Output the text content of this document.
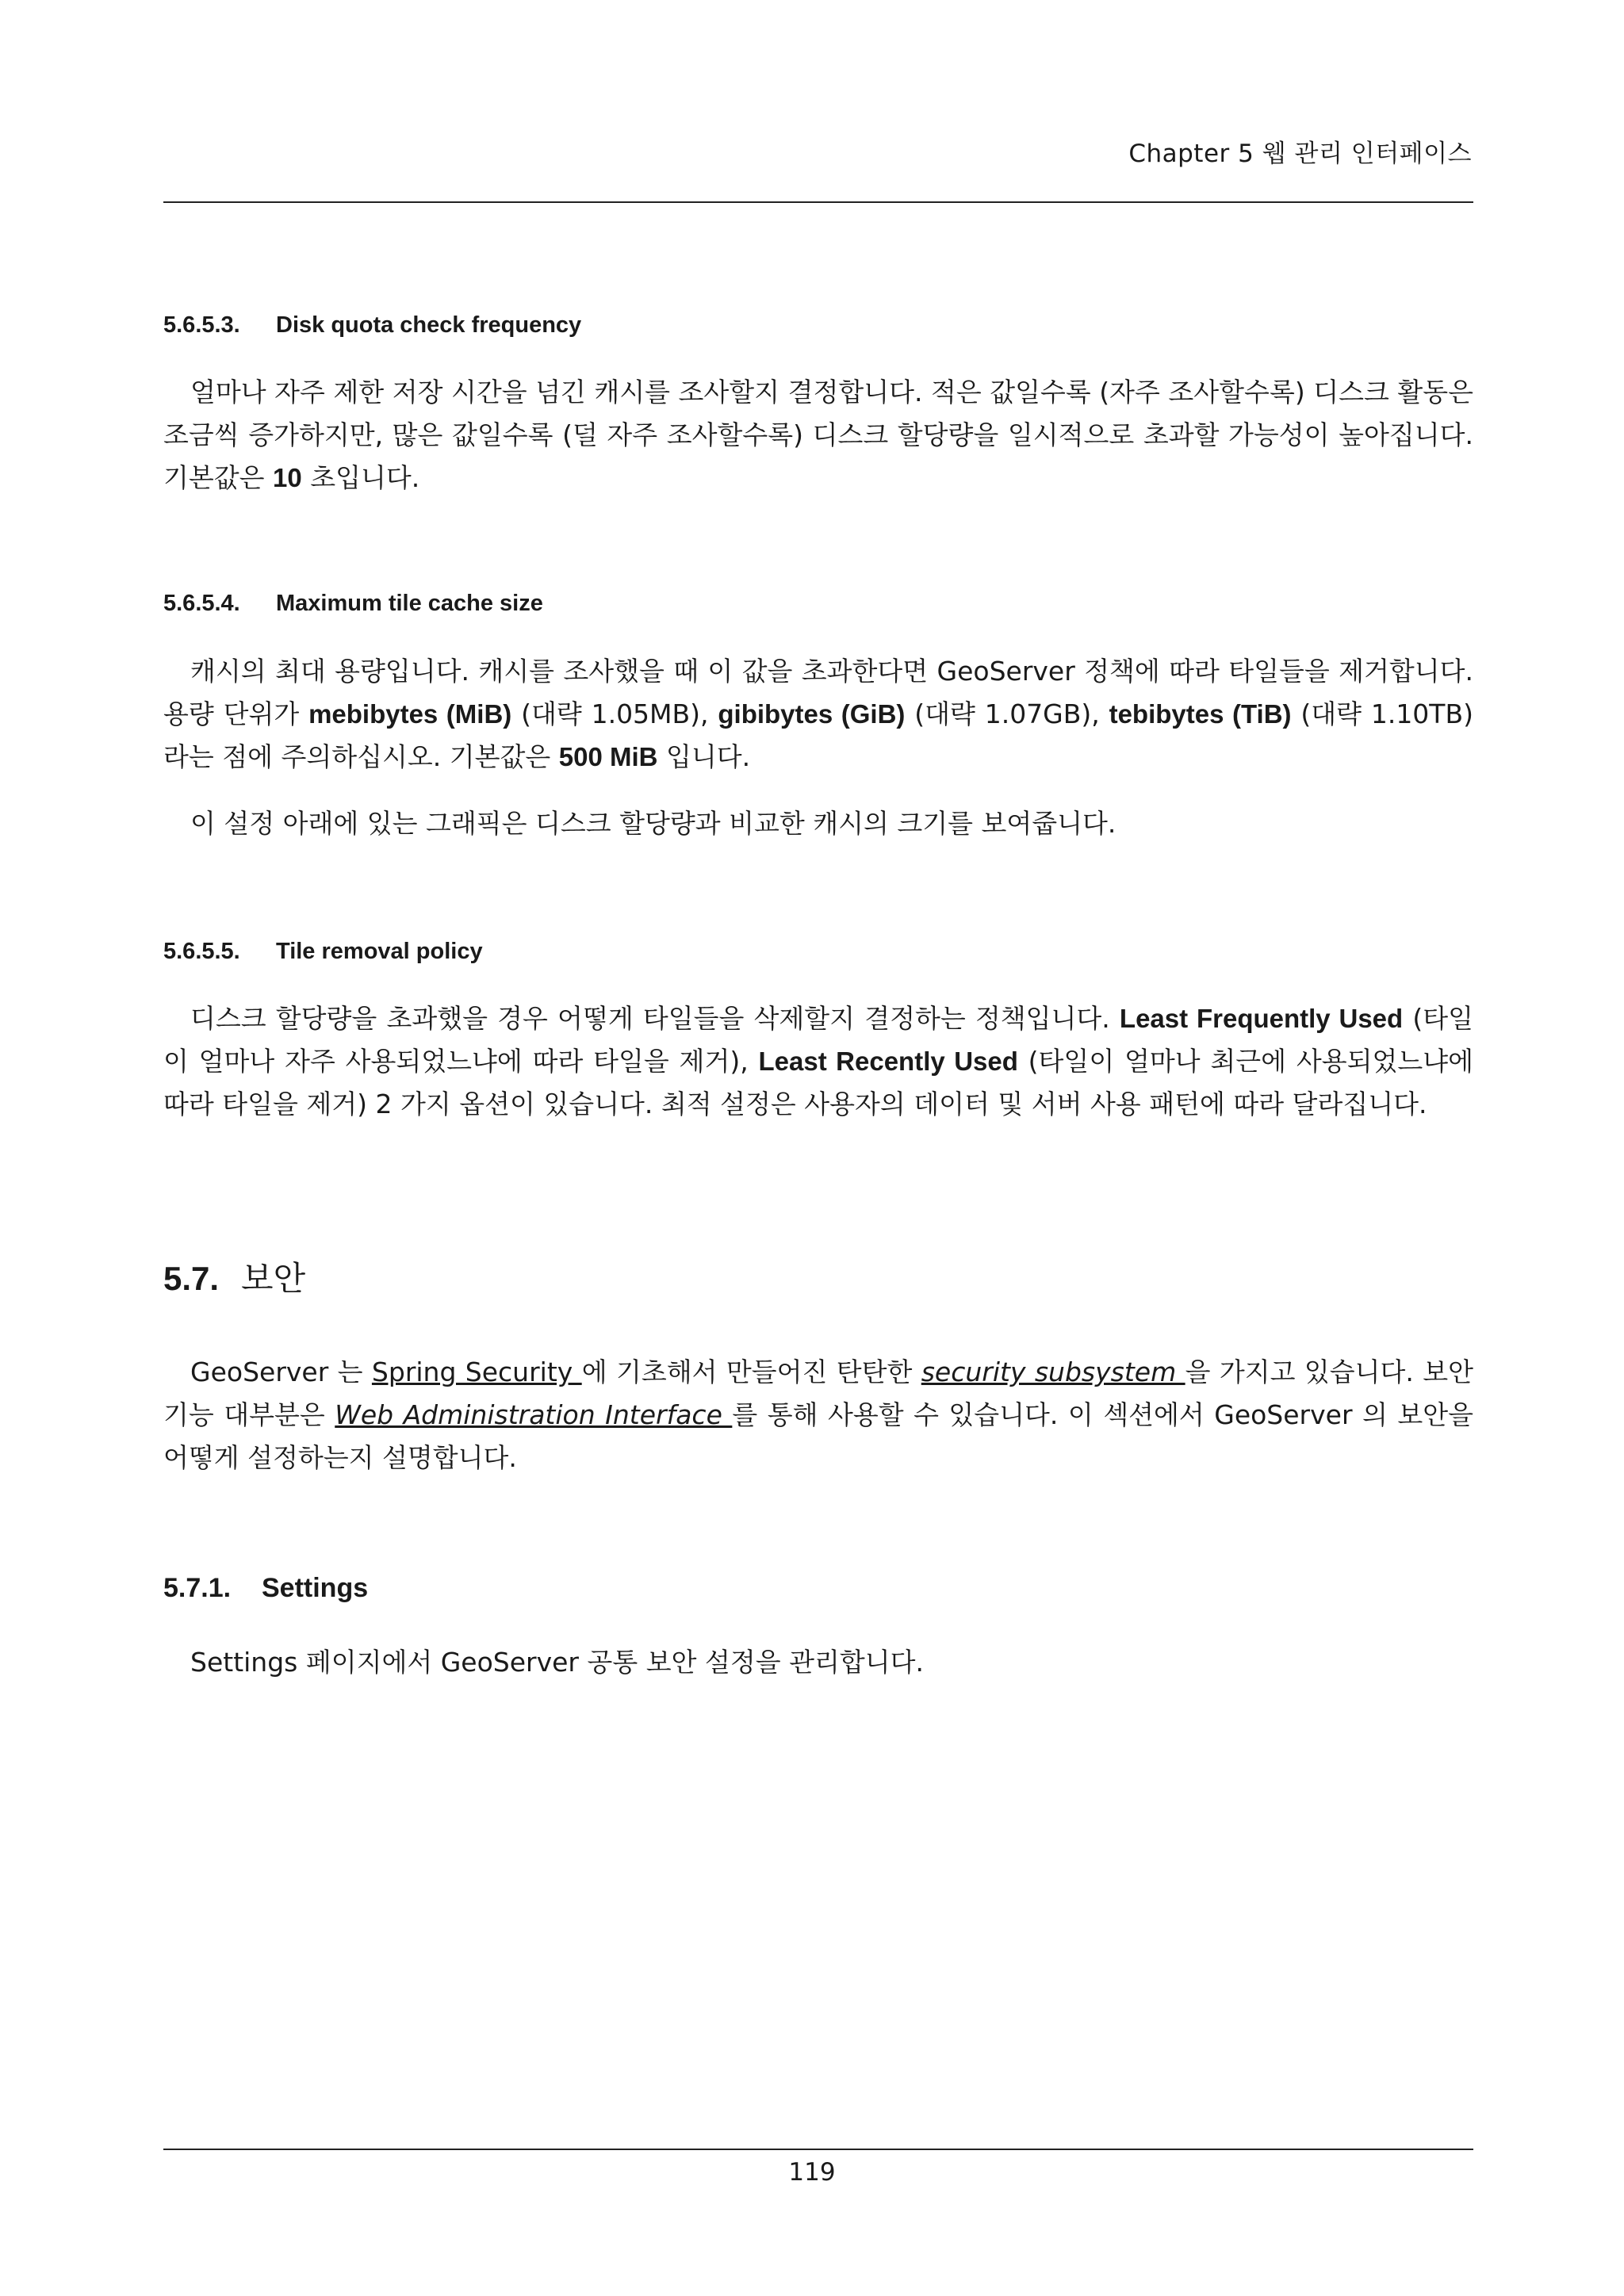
Chapter 5 웹 관리 인터페이스
5.6.5.3. Disk quota check frequency
얼마나 자주 제한 저장 시간을 넘긴 캐시를 조사할지 결정합니다. 적은 값일수록 (자주 조사할수록) 디스크 활동은 조금씩 증가하지만, 많은 값일수록 (덜 자주 조사할수록) 디스크 할당량을 일시적으로 초과할 가능성이 높아집니다. 기본값은 10 초입니다.
5.6.5.4. Maximum tile cache size
캐시의 최대 용량입니다. 캐시를 조사했을 때 이 값을 초과한다면 GeoServer 정책에 따라 타일들을 제거합니다. 용량 단위가 mebibytes (MiB) (대략 1.05MB), gibibytes (GiB) (대략 1.07GB), tebibytes (TiB) (대략 1.10TB)라는 점에 주의하십시오. 기본값은 500 MiB 입니다.
이 설정 아래에 있는 그래픽은 디스크 할당량과 비교한 캐시의 크기를 보여줍니다.
5.6.5.5. Tile removal policy
디스크 할당량을 초과했을 경우 어떻게 타일들을 삭제할지 결정하는 정책입니다. Least Frequently Used (타일이 얼마나 자주 사용되었느냐에 따라 타일을 제거), Least Recently Used (타일이 얼마나 최근에 사용되었느냐에 따라 타일을 제거) 2 가지 옵션이 있습니다. 최적 설정은 사용자의 데이터 및 서버 사용 패턴에 따라 달라집니다.
5.7. 보안
GeoServer 는 Spring Security 에 기초해서 만들어진 탄탄한 security subsystem 을 가지고 있습니다. 보안 기능 대부분은 Web Administration Interface 를 통해 사용할 수 있습니다. 이 섹션에서 GeoServer 의 보안을 어떻게 설정하는지 설명합니다.
5.7.1. Settings
Settings 페이지에서 GeoServer 공통 보안 설정을 관리합니다.
119
